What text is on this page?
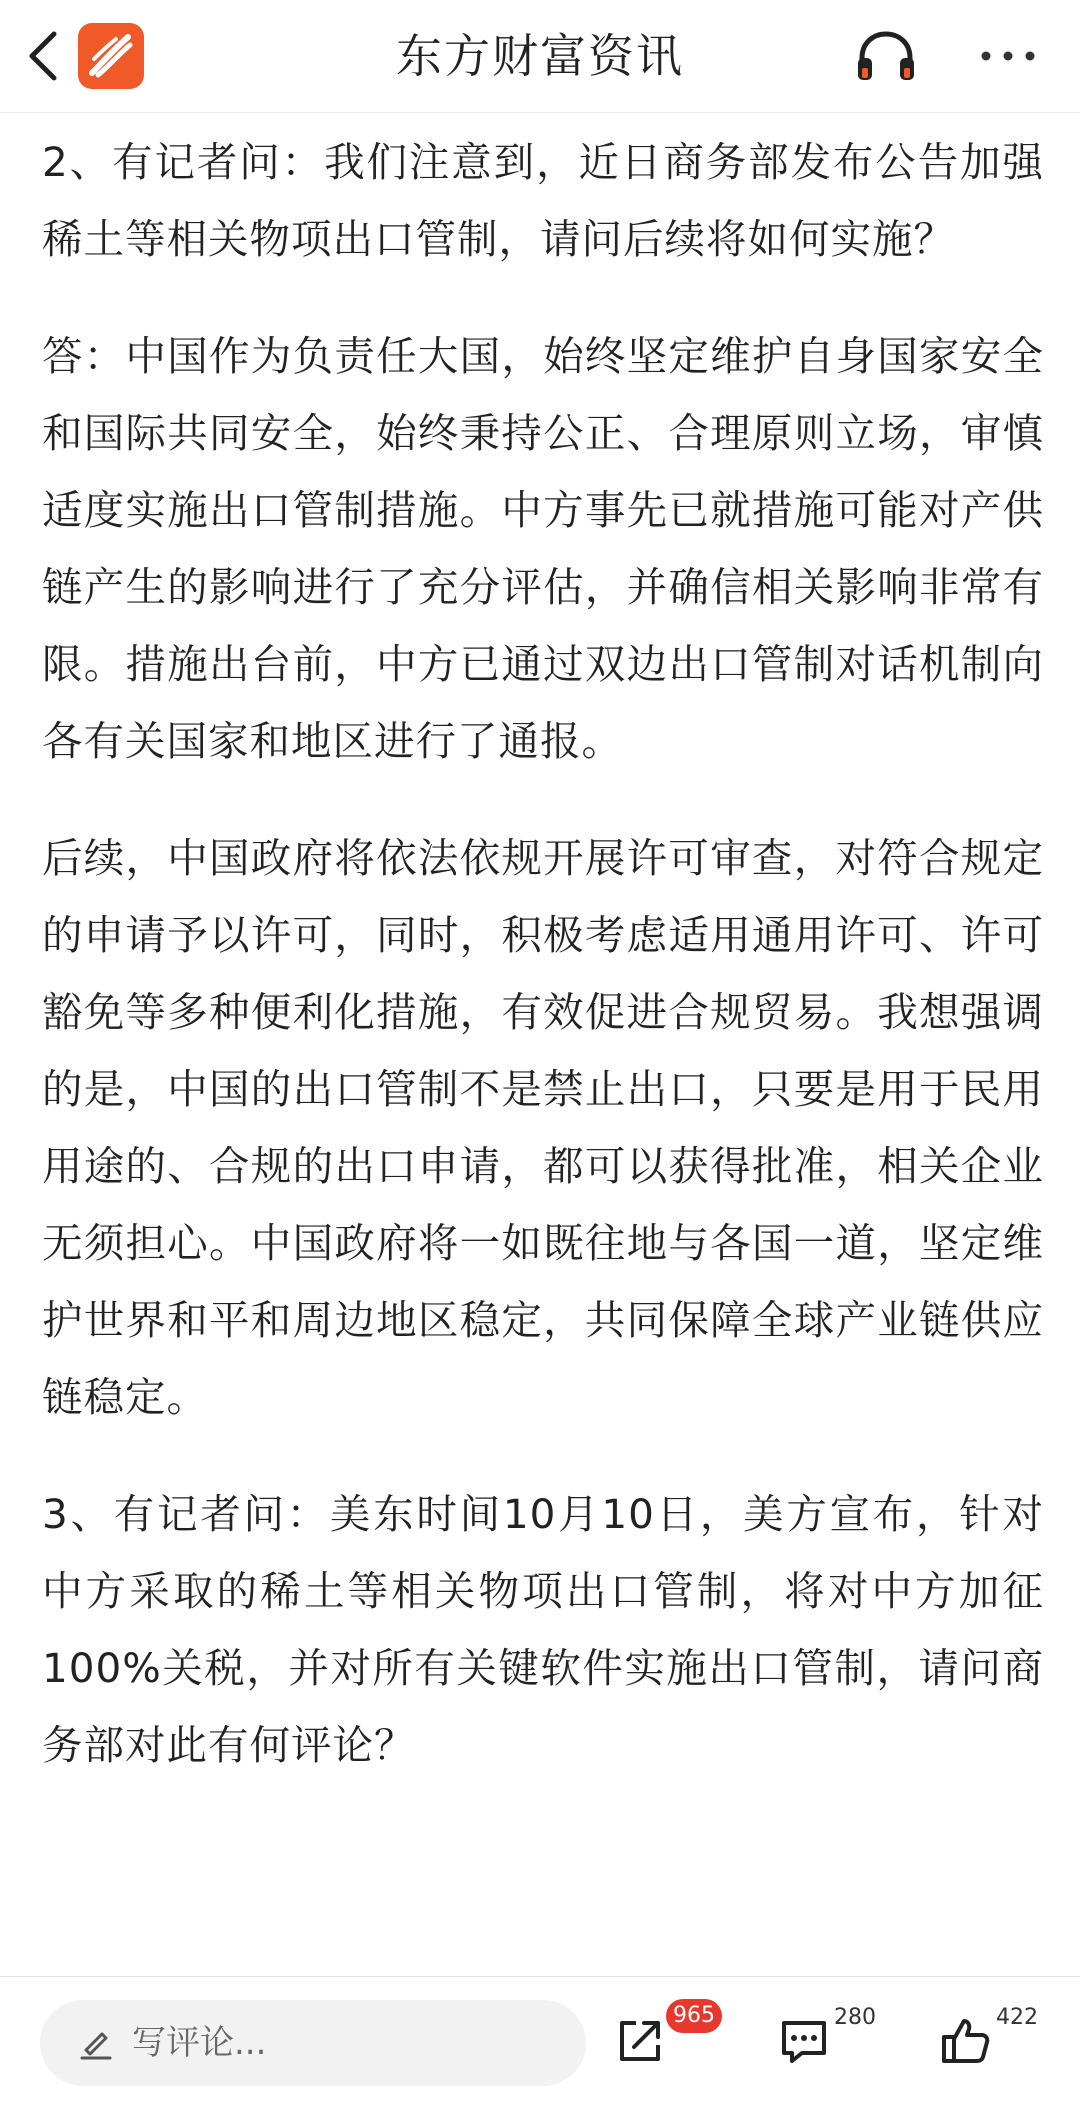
东方财富资讯

2、有记者问：我们注意到，近日商务部发布公告加强稀土等相关物项出口管制，请问后续将如何实施？

答：中国作为负责任大国，始终坚定维护自身国家安全和国际共同安全，始终秉持公正、合理原则立场，审慎适度实施出口管制措施。中方事先已就措施可能对产供链产生的影响进行了充分评估，并确信相关影响非常有限。措施出台前，中方已通过双边出口管制对话机制向各有关国家和地区进行了通报。

后续，中国政府将依法依规开展许可审查，对符合规定的申请予以许可，同时，积极考虑适用通用许可、许可豁免等多种便利化措施，有效促进合规贸易。我想强调的是，中国的出口管制不是禁止出口，只要是用于民用用途的、合规的出口申请，都可以获得批准，相关企业无须担心。中国政府将一如既往地与各国一道，坚定维护世界和平和周边地区稳定，共同保障全球产业链供应链稳定。

3、有记者问：美东时间10月10日，美方宣布，针对中方采取的稀土等相关物项出口管制，将对中方加征100%关税，并对所有关键软件实施出口管制，请问商务部对此有何评论？

写评论...
965	280	422
